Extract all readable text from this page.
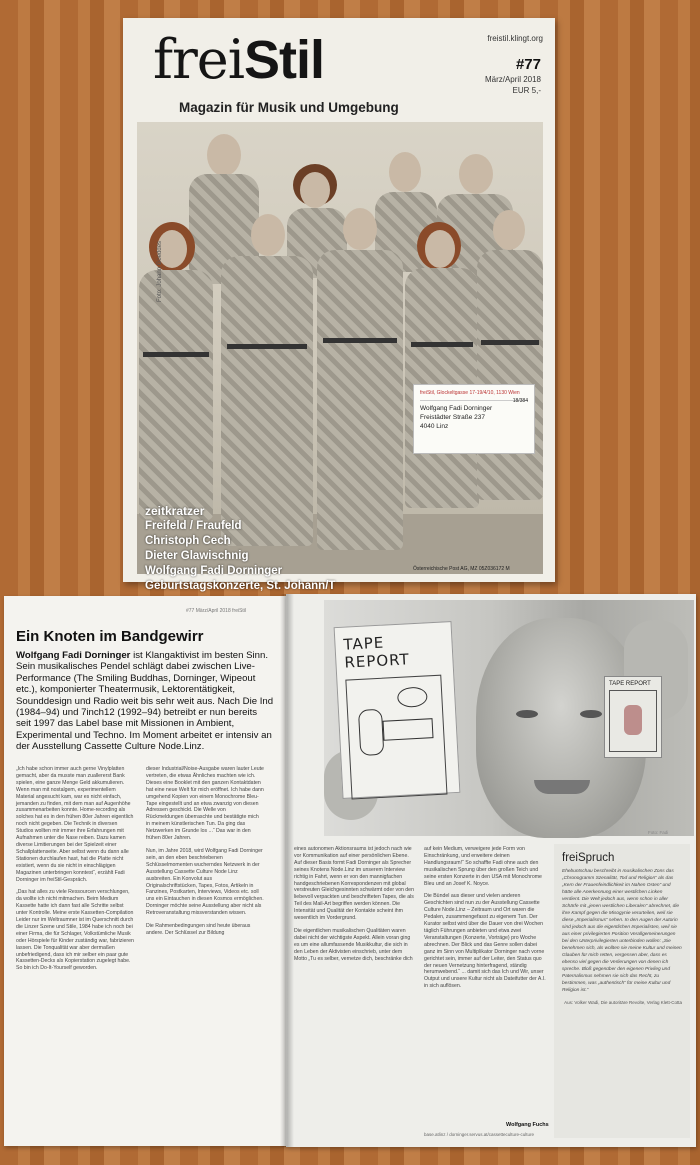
freiStil
Magazin für Musik und Umgebung
freistil.klingt.org
#77
März/April 2018
EUR 5,-
Foto: Johann Goeddes
zeitkratzer
Freifeld / Fraufeld
Christoph Cech
Dieter Glawischnig
Wolfgang Fadi Dorninger
Geburtstagskonzerte, St. Johann/T
freiStil, Glockeltgasse 17-19/4/10, 1130 Wien
18/384
Wolfgang Fadi Dorninger
Freistädter Straße 237
4040 Linz
Österreichische Post AG, MZ 05Z036172 M
#77 März/April 2018 freiStil
Ein Knoten im Bandgewirr
Wolfgang Fadi Dorninger ist Klangaktivist im besten Sinn. Sein musikalisches Pendel schlägt dabei zwischen Live-Performance (The Smiling Buddhas, Dorninger, Wipeout etc.), komponierter Theatermusik, Lektorentätigkeit, Sounddesign und Radio weit bis sehr weit aus. Nach Die Ind (1984–94) und 7inch12 (1992–94) betreibt er nun bereits seit 1997 das Label base mit Missionen in Ambient, Experimental und Techno. Im Moment arbeitet er intensiv an der Ausstellung Cassette Culture Node.Linz.

„Ich habe schon immer auch gerne Vinylplatten gemacht, aber da musste man zuallererst Bank spielen, eine ganze Menge Geld akkumulieren. Wenn man mit nostalgem, experimentellem Material angesucht kam, war es nicht einfach, jemanden zu finden, mit dem man auf Augenhöhe zusammenarbeiten konnte. Home-recording als solches hat es in den frühen 80er Jahren eigentlich noch nicht gegeben. Die Technik in diversen Studios wollten mir immer ihre Erfahrungen mit Aufnahmen unter die Nase reiben. Dazu kamen diverse Limitierungen bei der Spielzeit einer Schallplattenseite. Aber selbst wenn du dann alle Stationen durchlaufen hast, hat die Platte nicht existiert, wenn du sie nicht in einschlägigen Magazinen unterbringen konntest“, erzählt Fadi Dorninger im freiStil-Gespräch.

„Das hat alles zu viele Ressourcen verschlungen, da wollte ich nicht mitmachen. Beim Medium Kassette hatte ich dann fast alle Schritte selbst unter Kontrolle. Meine erste Kassetten-Compilation Leider nur im Weltraumner ist im Querschnitt durch die Linzer Szene und Stile, 1984 habe ich noch bei einer Firma, die für Schlager, Volkstümliche Musik oder Hörspiele für Kinder zuständig war, fabrizieren lassen. Die Tonqualität war aber dermaßen unbefriedigend, dass ich mir selber ein paar gute Kassetten-Decks als Kopierstation zugelegt habe. So bin ich Do-It-Yourself geworden.

dieser Industrial/Noise-Ausgabe waren lauter Leute vertreten, die etwas Ähnliches machten wie ich. Dieses eine Booklet mit den ganzen Kontaktdaten hat eine neue Welt für mich eröffnet. Ich habe dann umgehend Kopien von einem Monochrome Bleu-Tape eingestellt und an etwa zwanzig von diesen Adressen geschickt. Die Welle von Rückmeldungen überraschte und bestätigte mich in meinem künstlerischen Tun. Da ging das Netzwerken im Grunde los ...“ Das war in den frühen 80er Jahren.

Nun, im Jahre 2018, wird Wolfgang Fadi Dorninger sein, an den eben beschriebenen Schlüsselmomenten wucherndes Netzwerk in der Ausstellung Cassette Culture Node Linz ausbreiten. Ein Konvolut aus Originalschriftstücken, Tapes, Fotos, Artikeln in Fanzines, Postkarten, Interviews, Videos etc. soll uns ein Eintauchen in diesen Kosmos ermöglichen. Dorninger möchte seine Ausstellung aber nicht als Retroveranstaltung missverstanden wissen.

Die Rahmenbedingungen sind heute überaus andere. Der Schlüssel zur Bildung

TAPE REPORT
TAPE REPORT
Foto: Fadi

eines autonomen Aktionsraums ist jedoch nach wie vor Kommunikation auf einer persönlichen Ebene. Auf dieser Basis formt Fadi Dorninger als Sprecher seines Knotens Node.Linz im unserem Interview richtig in Fahrt, wenn er von den mannigfachen handgeschriebenen Korrespondenzen mit global verstreuten Gleichgesinnten schwärmt oder von den liebevoll verpackten und beschrifteten Tapes, die als Teil des Mail-Art begriffen werden können. Die Intensität und Qualität der Kontakte scheint ihm wesentlich im Vordergrund.

Die eigentlichen musikalischen Qualitäten waren dabei nicht der wichtigste Aspekt. Allein voran ging es um eine allumfassende Musikkultur, die sich in den Leben der Aktivisten einschrieb, unter dem Motto „Tu es selber, vernetze dich, beschränke dich

auf kein Medium, verweigere jede Form von Einschränkung, und erweitere deinen Handlungsraum!“ So schaffte Fadi ohne auch den musikalischen Sprung über den großen Teich und seine ersten Konzerte in den USA mit Monochrome Bleu und an Josef K. Noyce.

Die Bündel aus dieser und vielen anderen Geschichten sind nun zu der Ausstellung Cassette Culture Node.Linz – Zeitraum und Ort waren die Pedalen, zusammengefasst zu eigenem Tun. Der Kurator selbst wird über die Dauer von drei Wochen täglich Führungen anbieten und etwa zwei Veranstaltungen (Konzerte, Vorträge) pro Woche abrechnen. Der Blick und das Genre sollen dabei ganz im Sinn von Multiplikator Dorninger nach vorne gerichtet sein, immer auf der Leiter, den Status quo der neuen Vernetzung hinterfragend, ständig herumwebend.“ ... damit sich das Ich und Wir, unser Output und unsere Kultur nicht als Dateifutter der A.I. in sich auflösen.

Wolfgang Fuchs
base.atlinz / dorninger.servus.at/cassetteculture-culture
freiSpruch
Ehebuntschau beschreibt in musikalischen Zons das „Chronogramm Szenalität, Tod und Religion“ als das „Kern der Frauenfeindlichkeit im Nahen Osten“ und hätte alle Anerkennung einer westlichen Linken verdient. Die Welt jedoch aus, wenn schon in aller Schärfe mit „jenen westlichen Liberalen“ abrechnet, die ihre Kampf gegen die Misogynie verurteilen, weil sie diese „Imperialismus“ sehen. In den Augen der Autorin sind jedoch aus die eigentlichen Imperialisten, weil sie aus einer privilegierten Position Verallgemeinerungen bei den Unterprivilegierten unterbinden wollen: „Sie benehmen sich, als wollten sie meine Kultur und meinen Glauben für mich retten, vergessen aber, dass es ebenso viel gegen die Verlierungen von denen ich spreche. Bloß gegenüber den eigenen Privileg und Paternalismus nehmen sie sich das Recht, zu bestimmen, was „authentisch“ für meine Kultur und Religion ist.“
Aus: Volker Wadi, Die autoritäre Revolte, Verlag Klett-Cotta
